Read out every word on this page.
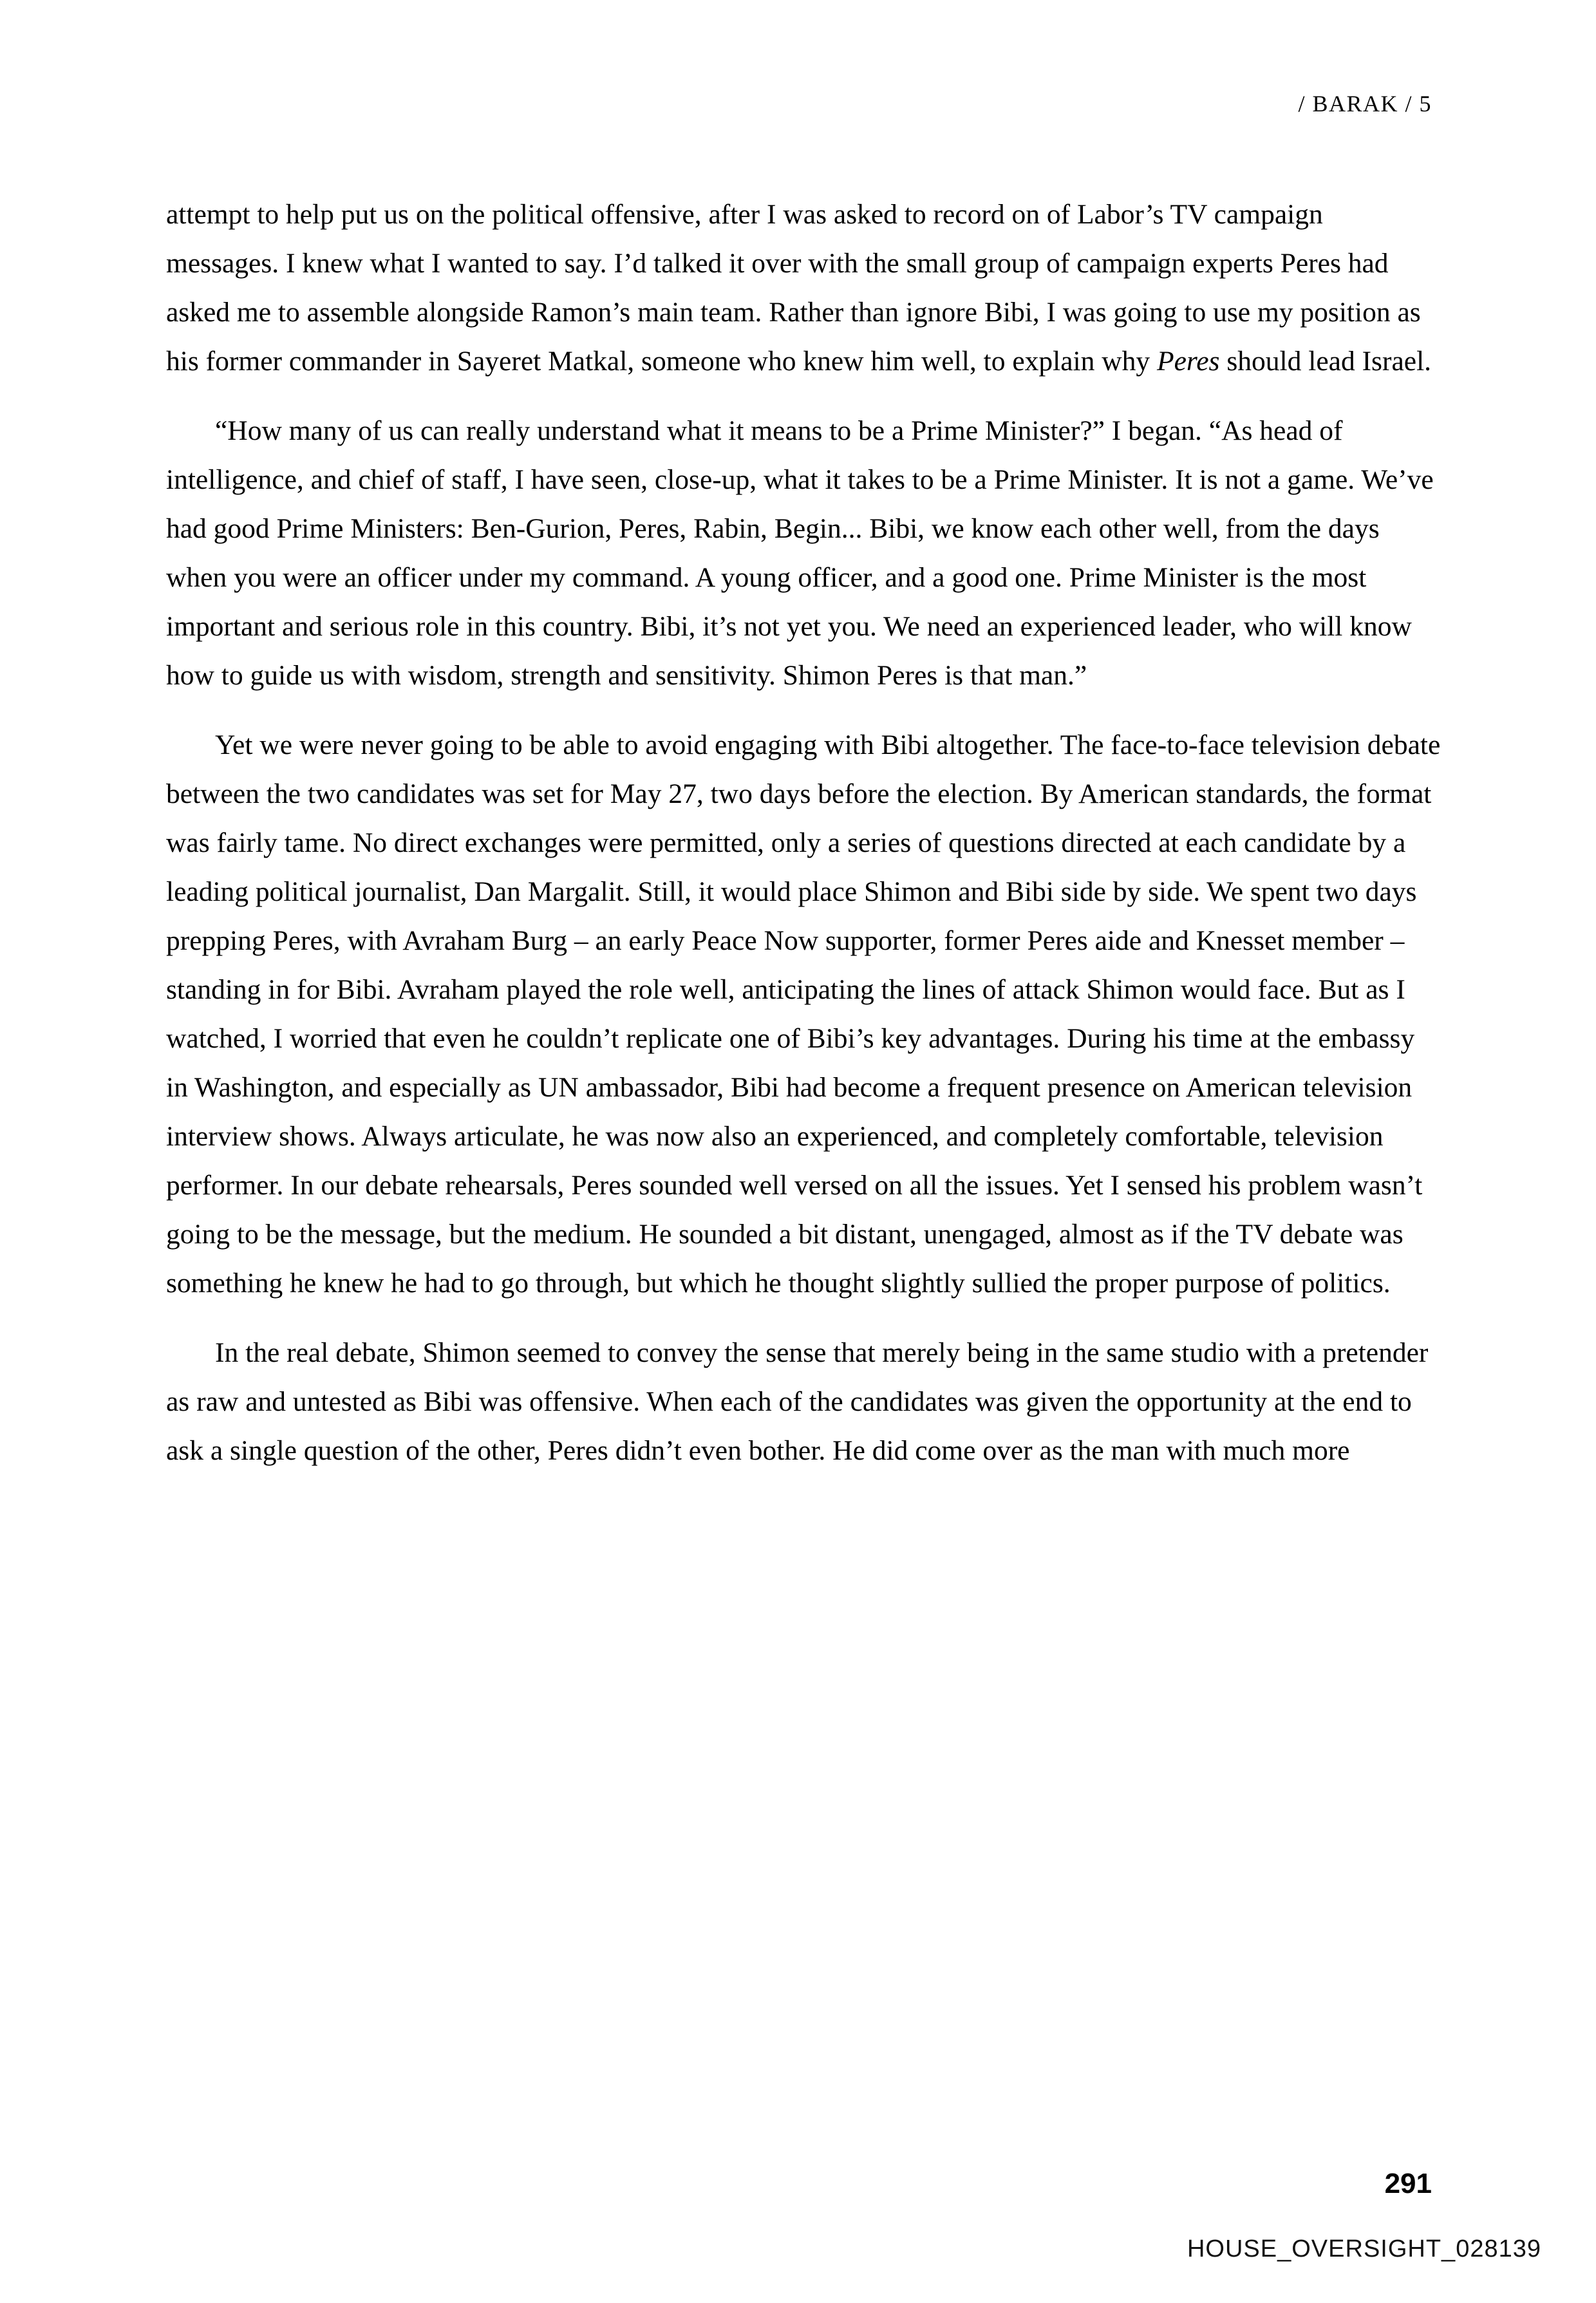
/ BARAK / 5

attempt to help put us on the political offensive, after I was asked to record on of Labor’s TV campaign messages. I knew what I wanted to say. I’d talked it over with the small group of campaign experts Peres had asked me to assemble alongside Ramon’s main team. Rather than ignore Bibi, I was going to use my position as his former commander in Sayeret Matkal, someone who knew him well, to explain why Peres should lead Israel.

“How many of us can really understand what it means to be a Prime Minister?” I began. “As head of intelligence, and chief of staff, I have seen, close-up, what it takes to be a Prime Minister. It is not a game. We’ve had good Prime Ministers: Ben-Gurion, Peres, Rabin, Begin... Bibi, we know each other well, from the days when you were an officer under my command. A young officer, and a good one. Prime Minister is the most important and serious role in this country. Bibi, it’s not yet you. We need an experienced leader, who will know how to guide us with wisdom, strength and sensitivity. Shimon Peres is that man.”

Yet we were never going to be able to avoid engaging with Bibi altogether. The face-to-face television debate between the two candidates was set for May 27, two days before the election. By American standards, the format was fairly tame. No direct exchanges were permitted, only a series of questions directed at each candidate by a leading political journalist, Dan Margalit. Still, it would place Shimon and Bibi side by side. We spent two days prepping Peres, with Avraham Burg – an early Peace Now supporter, former Peres aide and Knesset member – standing in for Bibi. Avraham played the role well, anticipating the lines of attack Shimon would face. But as I watched, I worried that even he couldn’t replicate one of Bibi’s key advantages. During his time at the embassy in Washington, and especially as UN ambassador, Bibi had become a frequent presence on American television interview shows. Always articulate, he was now also an experienced, and completely comfortable, television performer. In our debate rehearsals, Peres sounded well versed on all the issues. Yet I sensed his problem wasn’t going to be the message, but the medium. He sounded a bit distant, unengaged, almost as if the TV debate was something he knew he had to go through, but which he thought slightly sullied the proper purpose of politics.

In the real debate, Shimon seemed to convey the sense that merely being in the same studio with a pretender as raw and untested as Bibi was offensive. When each of the candidates was given the opportunity at the end to ask a single question of the other, Peres didn’t even bother. He did come over as the man with much more

291
HOUSE_OVERSIGHT_028139
